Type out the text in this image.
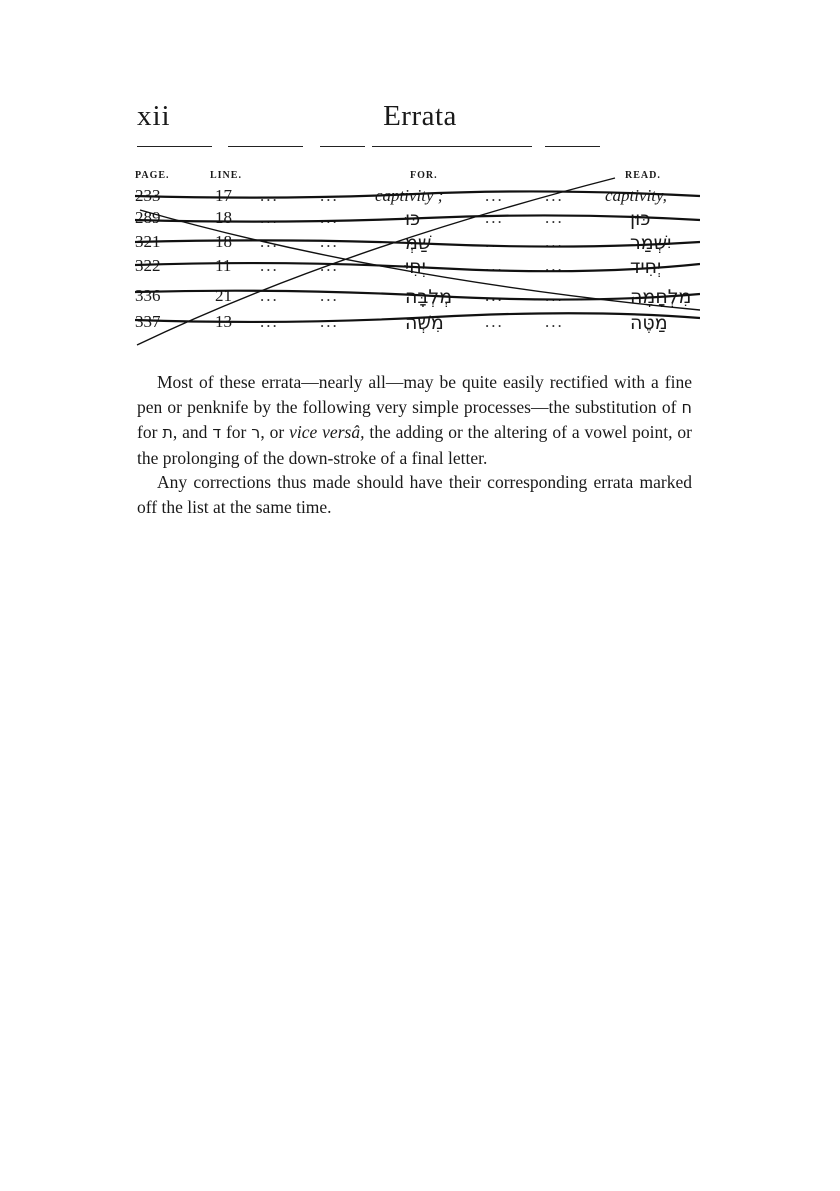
xii	Errata
PAGE.	LINE.	FOR.	READ.
233	17 ... ... captivity ; ... ... captivity,
289	18 ... ...	כּוּ	... ...	כּוּן
321	18 ... ...	שַׁמְּ	... ...	יִשְׁמַר
322	11 ... ...	יְחִיּ	... ...	יְחִיד
336	21 ... ...	מְלְבָּה ... ...	מִלְחָמָה
337	13 ... ...	מִשְׁה ... ...	מַטֶּה

Most of these errata—nearly all—may be quite easily rectified with a fine pen or penknife by the following very simple processes—the substitution of ח for ת, and ד for ר, or vice versâ, the adding or the altering of a vowel point, or the prolonging of the down-stroke of a final letter.

Any corrections thus made should have their corresponding errata marked off the list at the same time.
